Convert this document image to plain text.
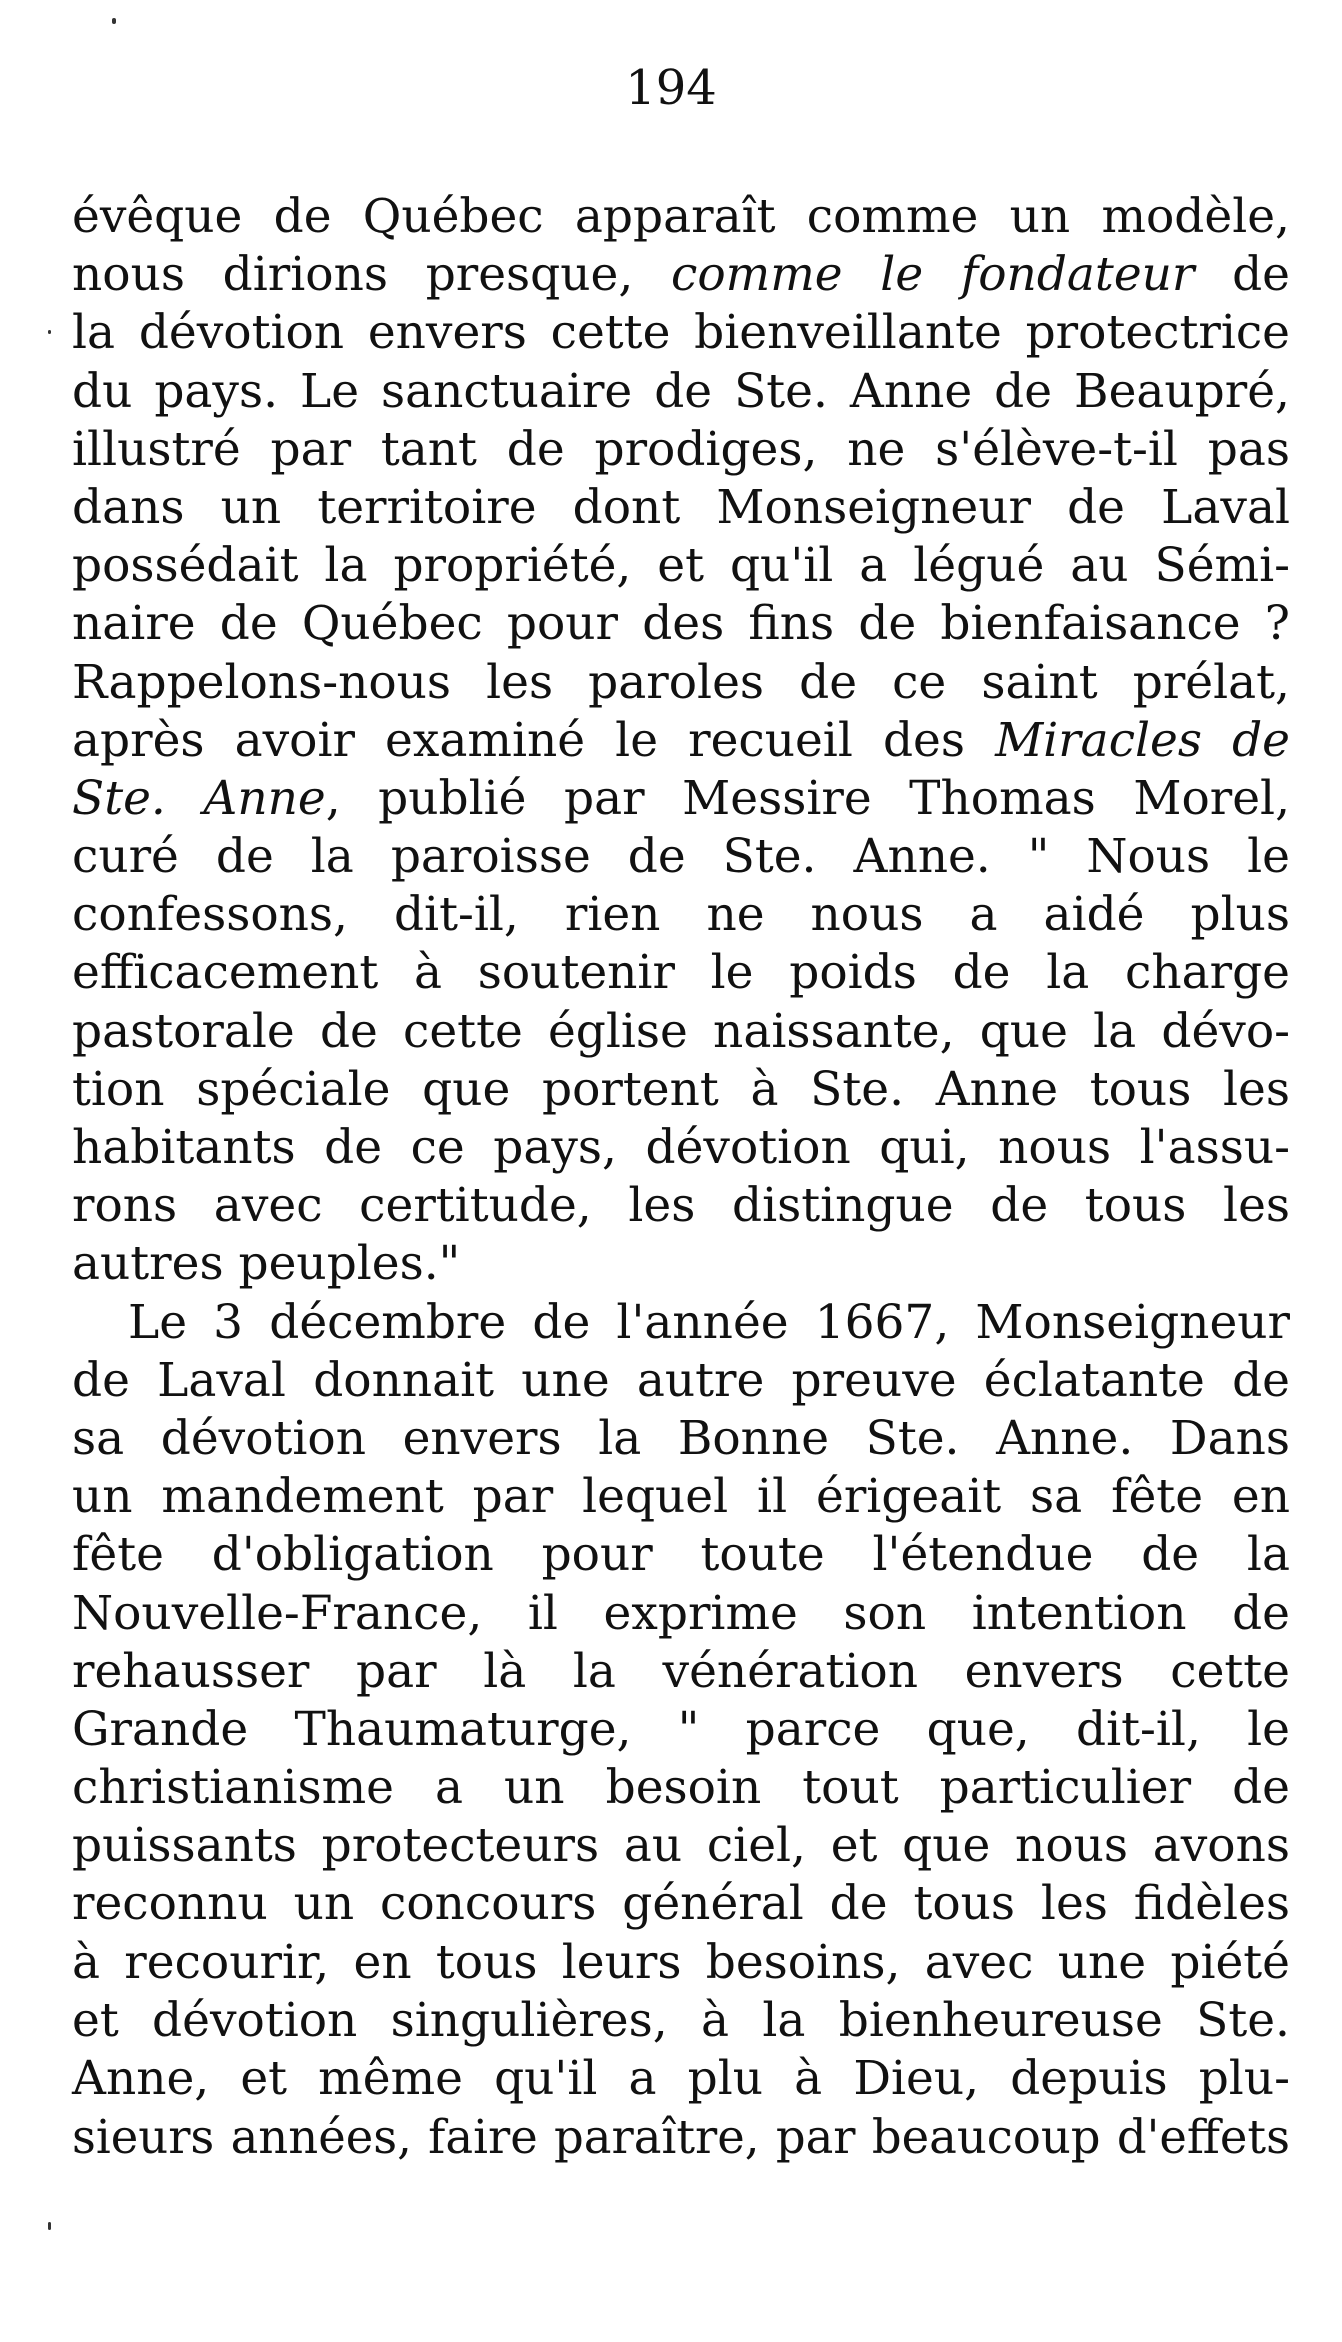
194
évêque de Québec apparaît comme un modèle,
nous dirions presque, comme le fondateur de
la dévotion envers cette bienveillante protectrice
du pays. Le sanctuaire de Ste. Anne de Beaupré,
illustré par tant de prodiges, ne s'élève-t-il pas
dans un territoire dont Monseigneur de Laval
possédait la propriété, et qu'il a légué au Sémi-
naire de Québec pour des fins de bienfaisance ?
Rappelons-nous les paroles de ce saint prélat,
après avoir examiné le recueil des Miracles de
Ste. Anne, publié par Messire Thomas Morel,
curé de la paroisse de Ste. Anne. " Nous le
confessons, dit-il, rien ne nous a aidé plus
efficacement à soutenir le poids de la charge
pastorale de cette église naissante, que la dévo-
tion spéciale que portent à Ste. Anne tous les
habitants de ce pays, dévotion qui, nous l'assu-
rons avec certitude, les distingue de tous les
autres peuples."
Le 3 décembre de l'année 1667, Monseigneur
de Laval donnait une autre preuve éclatante de
sa dévotion envers la Bonne Ste. Anne. Dans
un mandement par lequel il érigeait sa fête en
fête d'obligation pour toute l'étendue de la
Nouvelle-France, il exprime son intention de
rehausser par là la vénération envers cette
Grande Thaumaturge, " parce que, dit-il, le
christianisme a un besoin tout particulier de
puissants protecteurs au ciel, et que nous avons
reconnu un concours général de tous les fidèles
à recourir, en tous leurs besoins, avec une piété
et dévotion singulières, à la bienheureuse Ste.
Anne, et même qu'il a plu à Dieu, depuis plu-
sieurs années, faire paraître, par beaucoup d'effets
